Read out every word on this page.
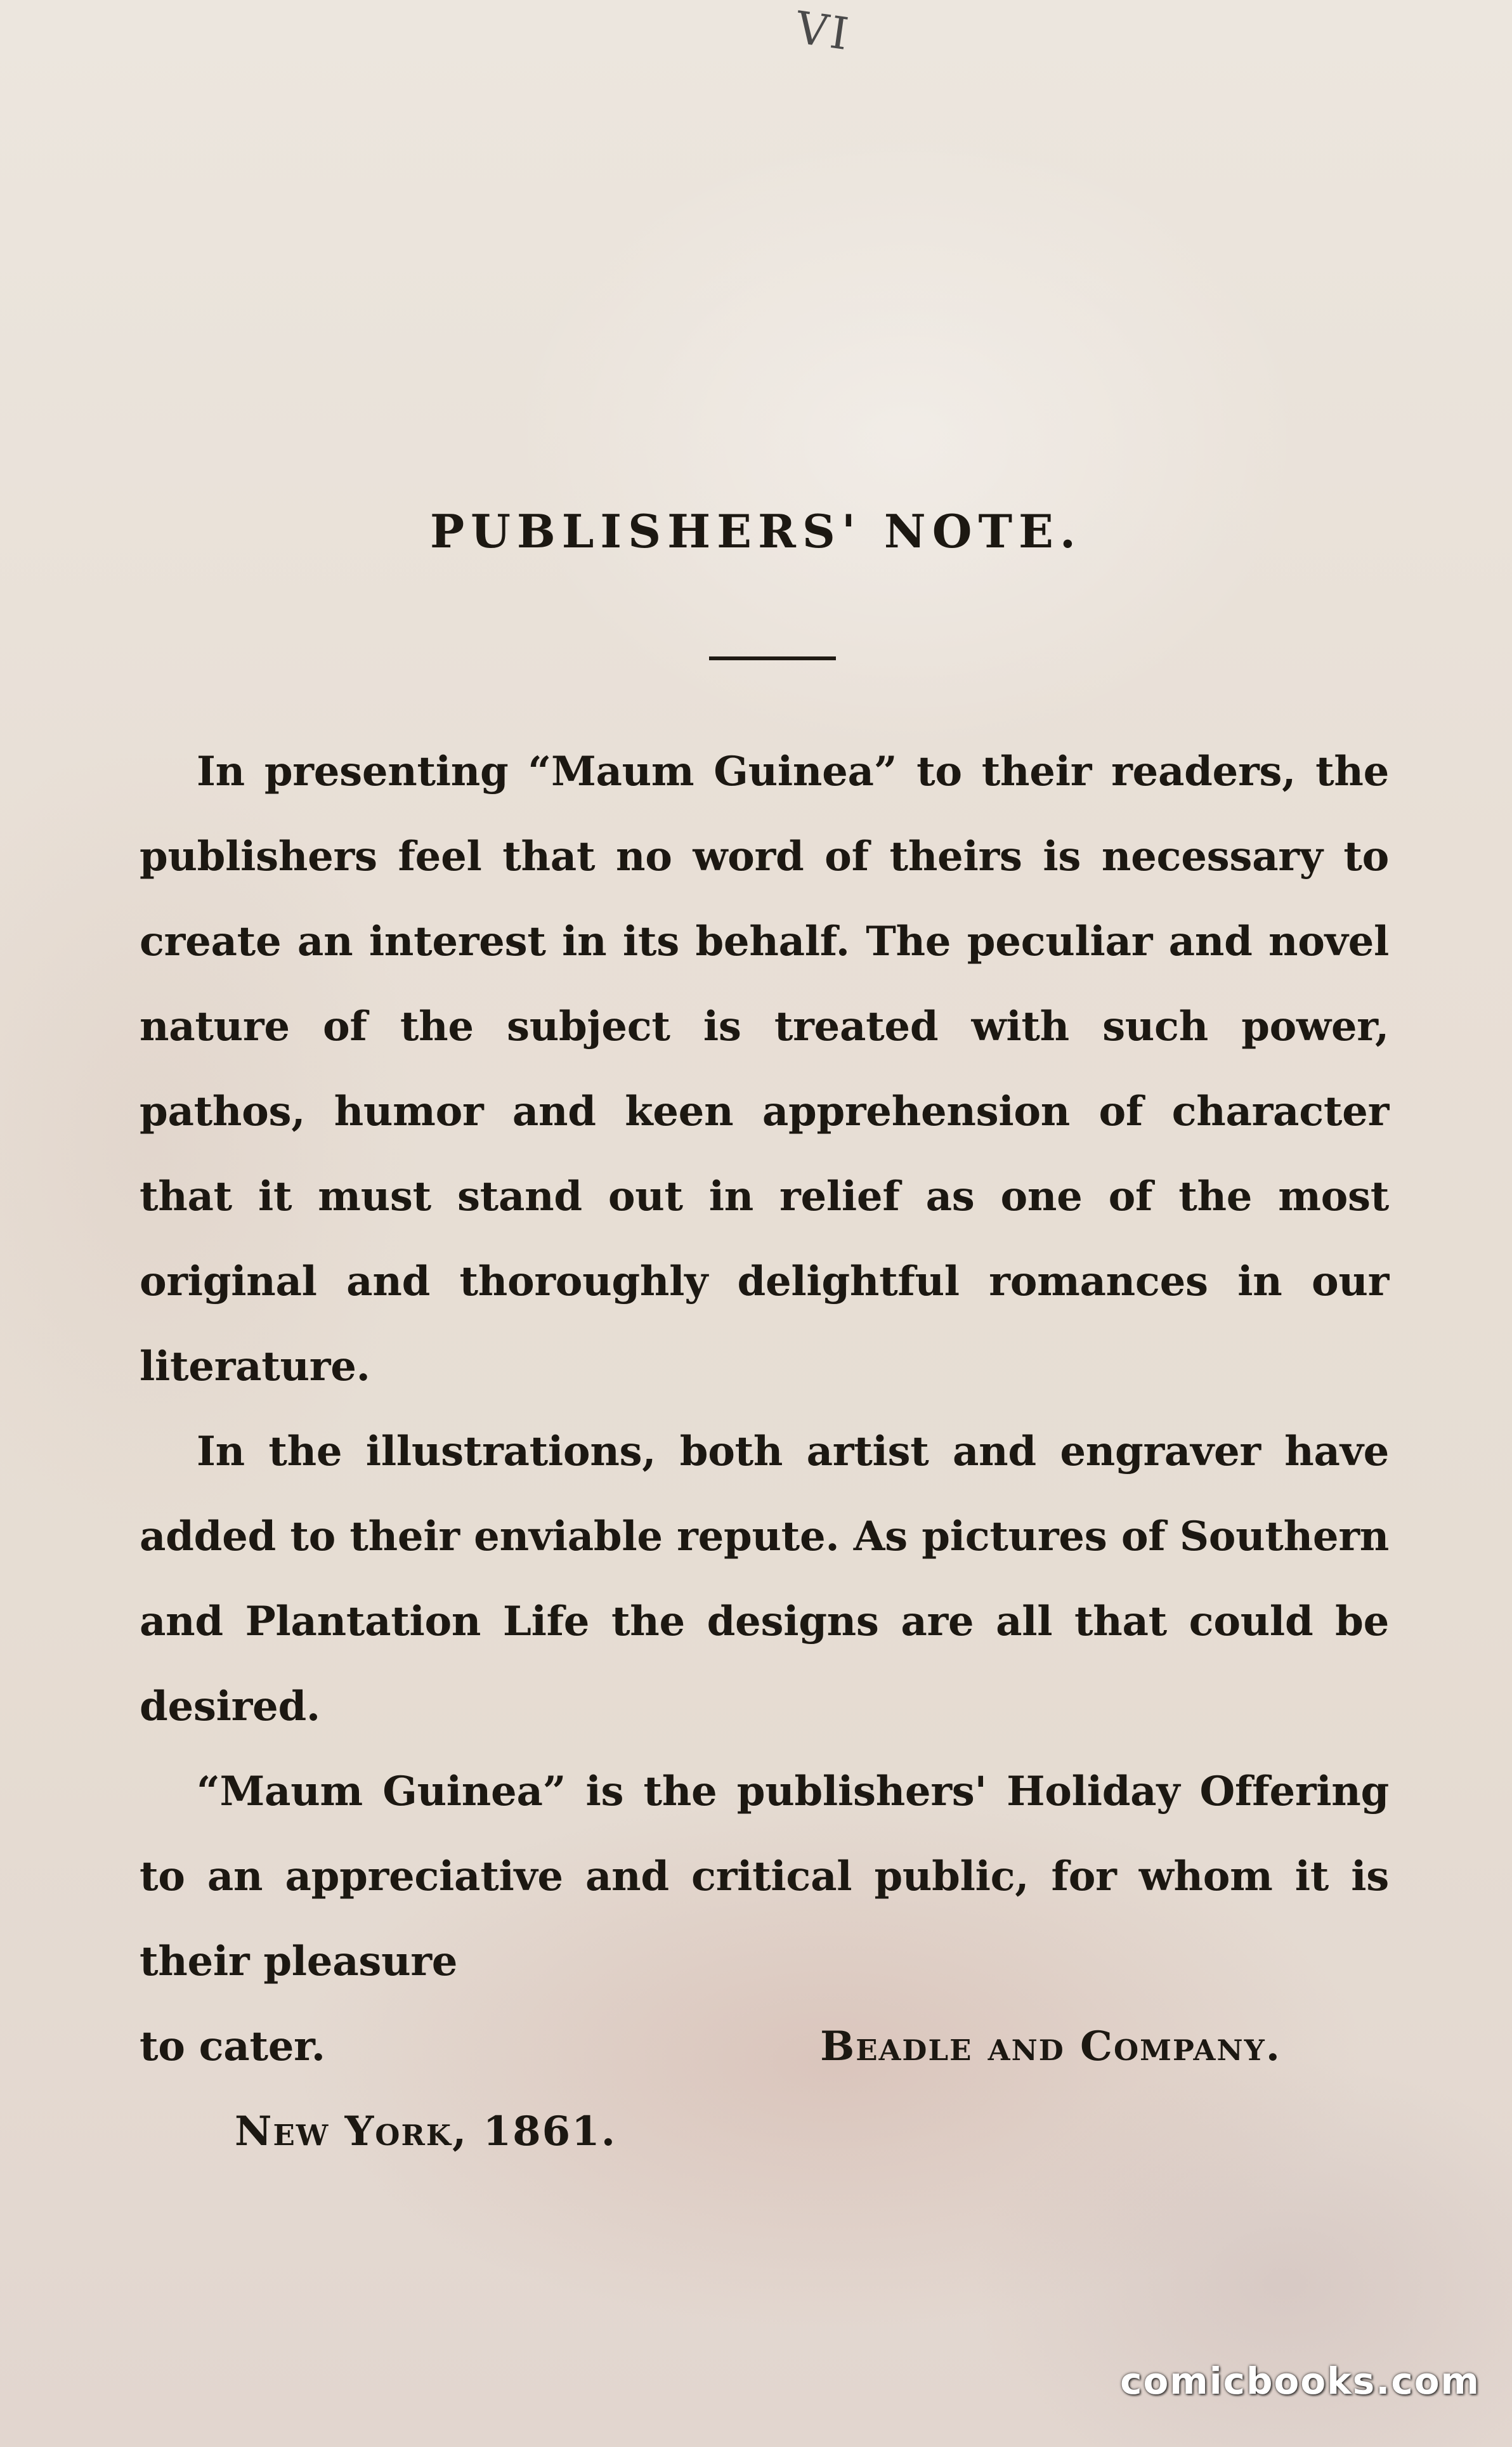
VI
PUBLISHERS' NOTE.

In presenting “Maum Guinea” to their readers, the publishers feel that no word of theirs is necessary to create an interest in its behalf. The peculiar and novel nature of the subject is treated with such power, pathos, humor and keen apprehension of character that it must stand out in relief as one of the most original and thoroughly delightful romances in our literature.

In the illustrations, both artist and engraver have added to their enviable repute. As pictures of Southern and Plantation Life the designs are all that could be desired.

“Maum Guinea” is the publishers' Holiday Offering to an appreciative and critical public, for whom it is their pleasure

to cater.	Beadle and Company.
New York, 1861.
comicbooks.com
